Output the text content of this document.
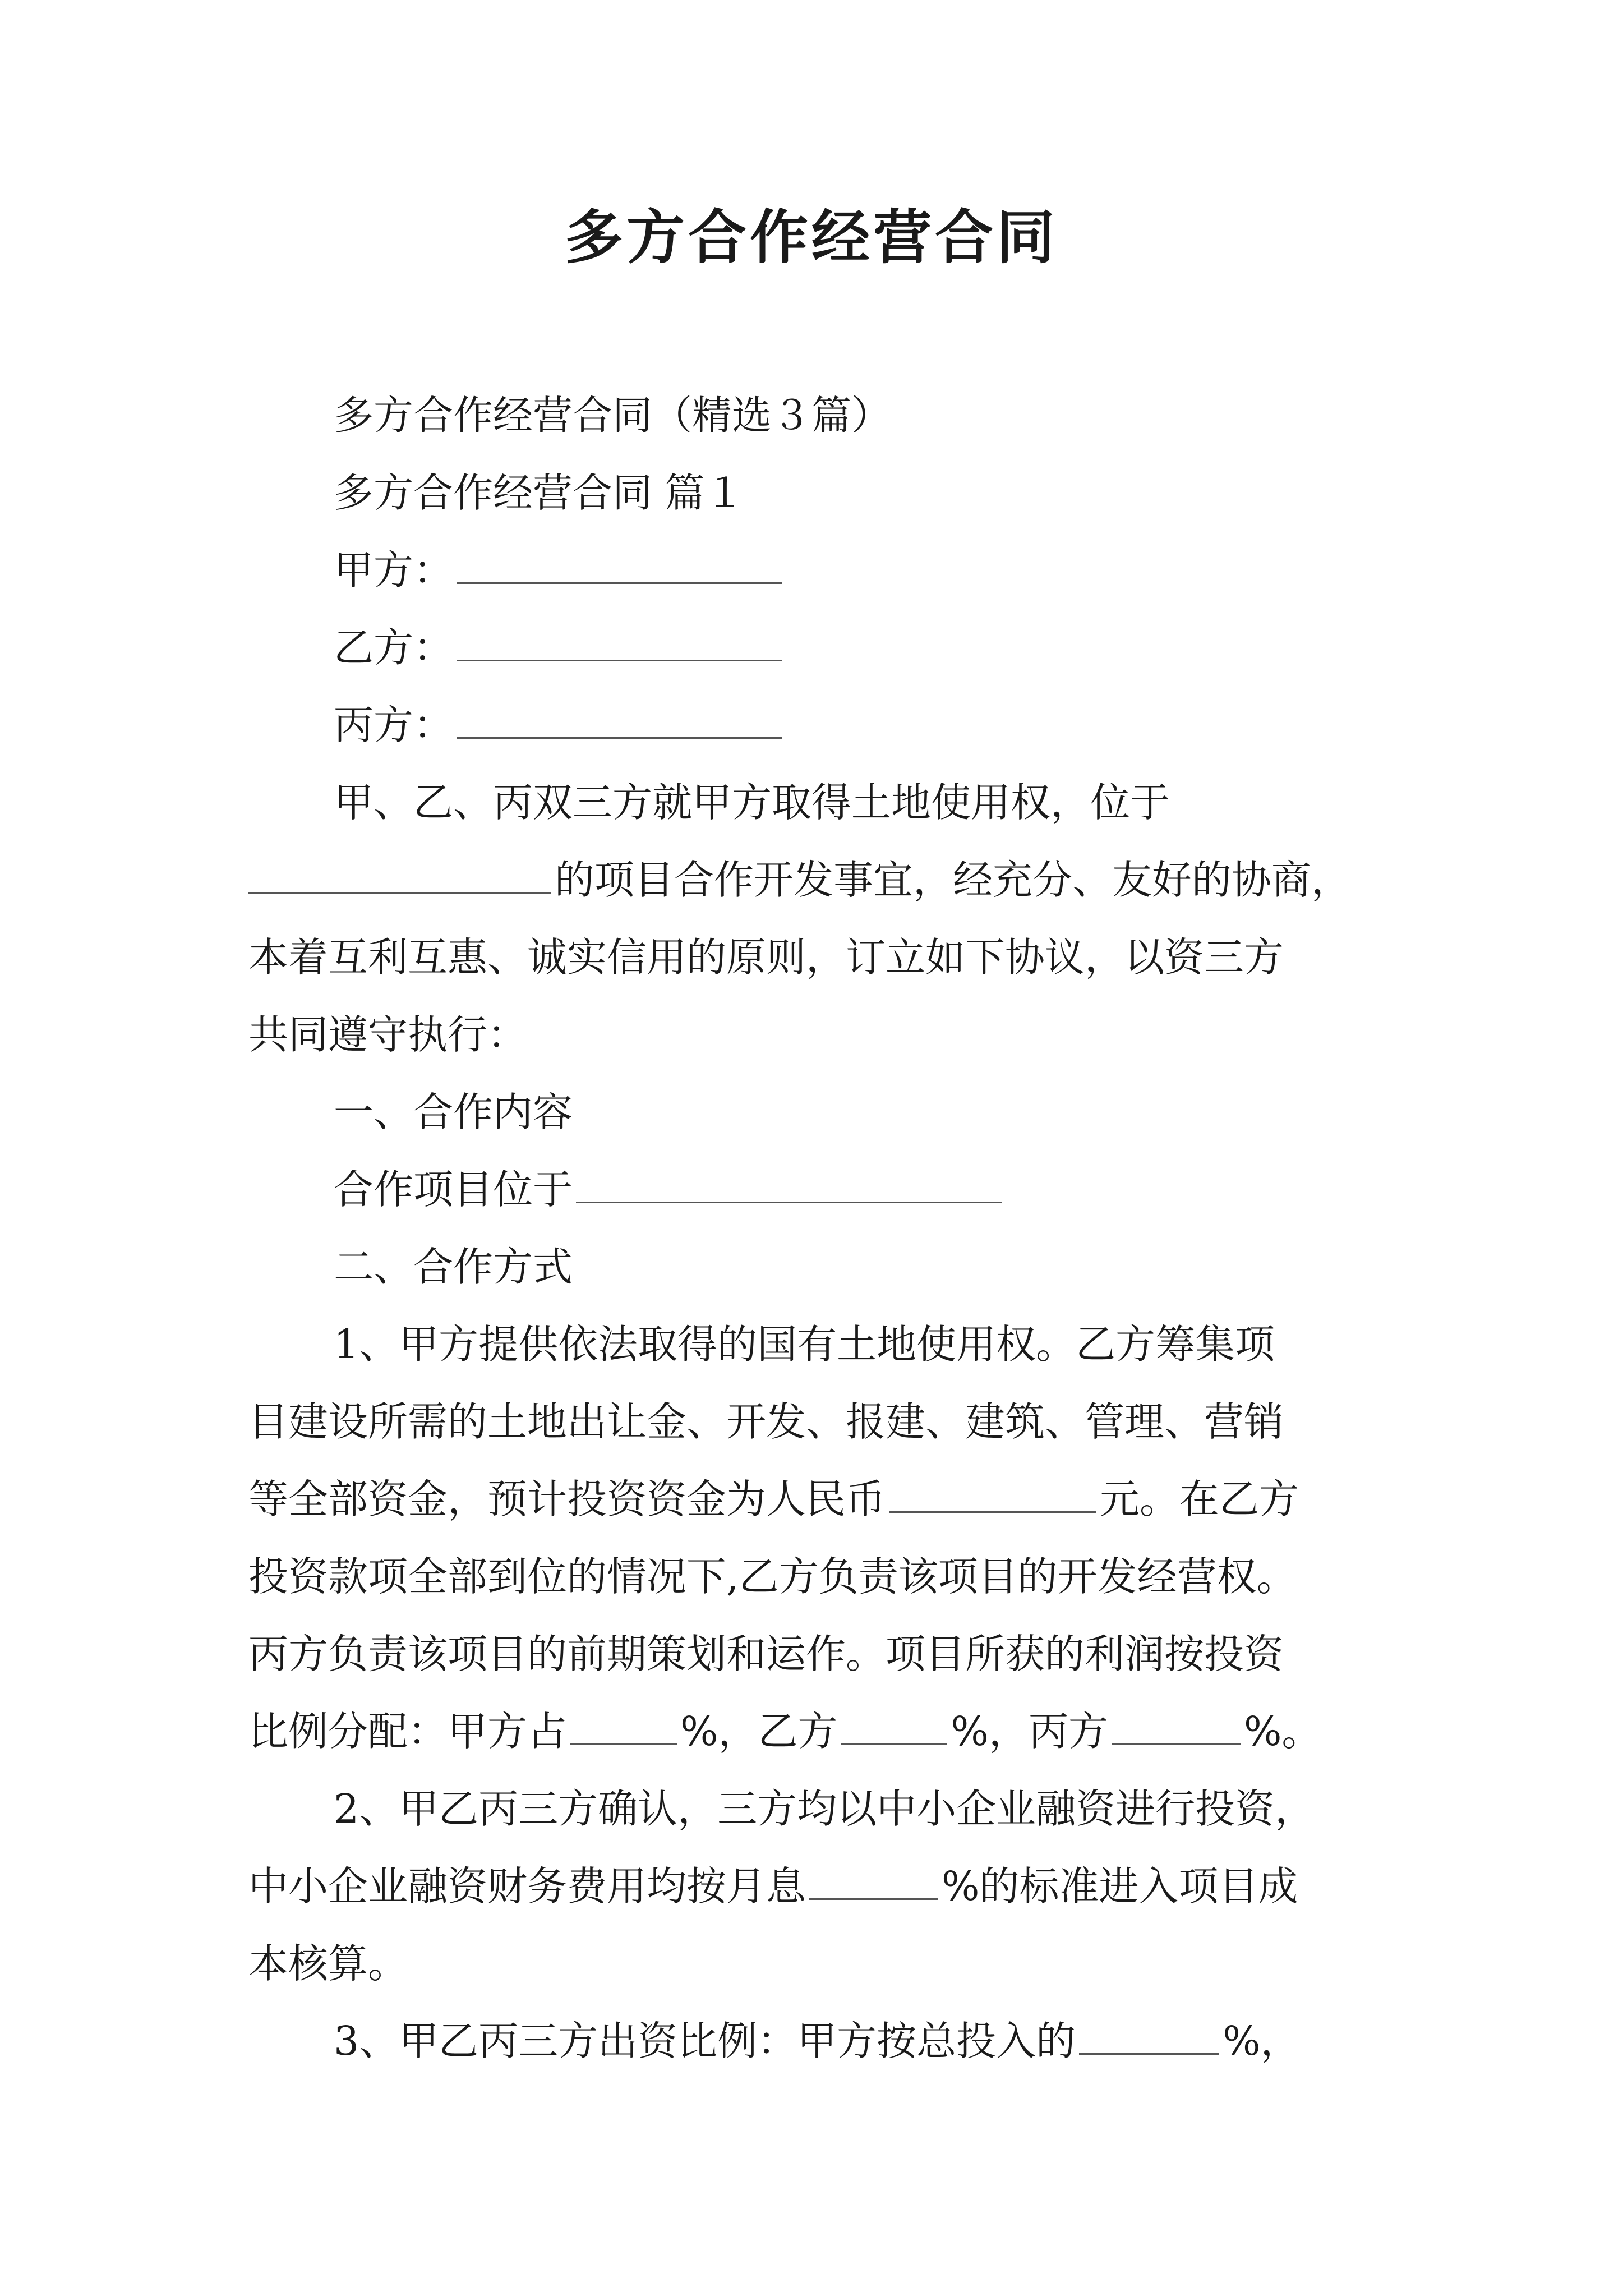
多方合作经营合同

多方合作经营合同（精选３篇）

多方合作经营合同 篇１

甲方：

乙方：

丙方：

甲、乙、丙双三方就甲方取得土地使用权，位于

的项目合作开发事宜，经充分、友好的协商，

本着互利互惠、诚实信用的原则，订立如下协议，以资三方

共同遵守执行：

一、合作内容

合作项目位于

二、合作方式

1、甲方提供依法取得的国有土地使用权。乙方筹集项

目建设所需的土地出让金、开发、报建、建筑、管理、营销

等全部资金，预计投资资金为人民币	元。在乙方

投资款项全部到位的情况下,乙方负责该项目的开发经营权。

丙方负责该项目的前期策划和运作。项目所获的利润按投资

比例分配：甲方占	%，乙方	%，丙方	%。

2、甲乙丙三方确认，三方均以中小企业融资进行投资，

中小企业融资财务费用均按月息	%的标准进入项目成

本核算。

3、甲乙丙三方出资比例：甲方按总投入的	%，
